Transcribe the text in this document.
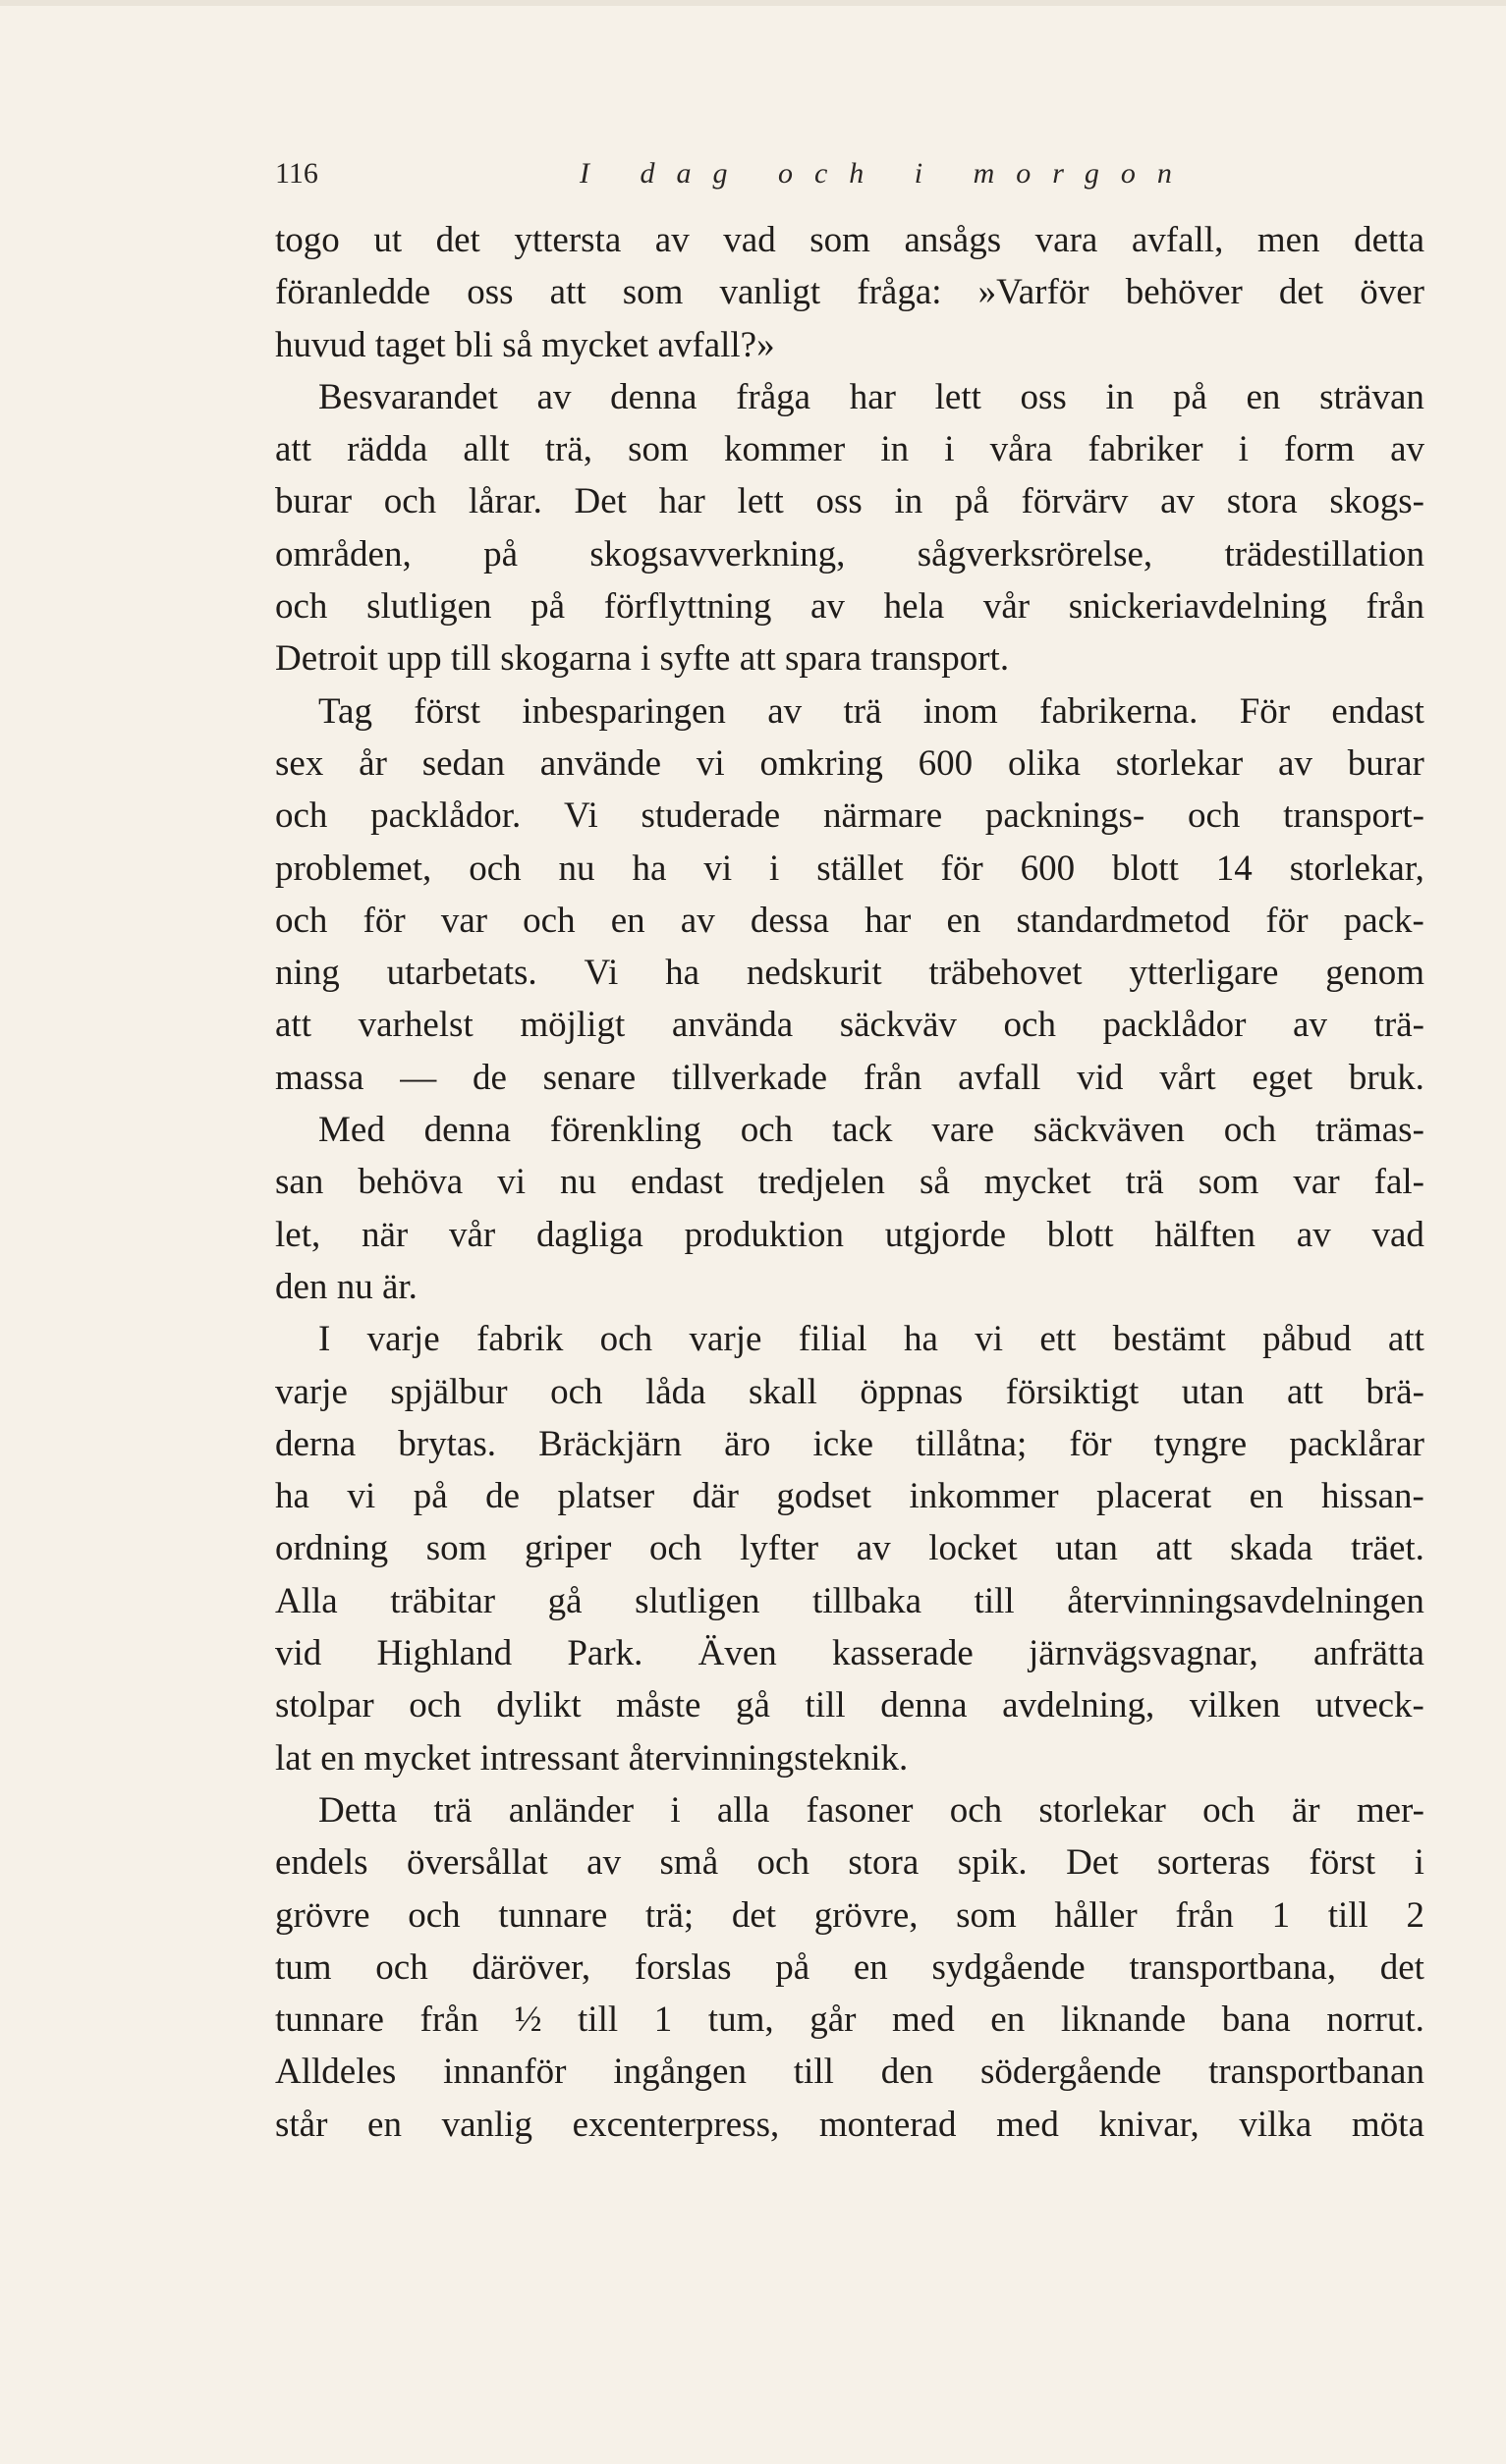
116	I dag och i morgon
togo ut det yttersta av vad som ansågs vara avfall, men detta
föranledde oss att som vanligt fråga: »Varför behöver det över
huvud taget bli så mycket avfall?»
Besvarandet av denna fråga har lett oss in på en strävan
att rädda allt trä, som kommer in i våra fabriker i form av
burar och lårar. Det har lett oss in på förvärv av stora skogs-
områden, på skogsavverkning, sågverksrörelse, trädestillation
och slutligen på förflyttning av hela vår snickeriavdelning från
Detroit upp till skogarna i syfte att spara transport.
Tag först inbesparingen av trä inom fabrikerna. För endast
sex år sedan använde vi omkring 600 olika storlekar av burar
och packlådor. Vi studerade närmare packnings- och transport-
problemet, och nu ha vi i stället för 600 blott 14 storlekar,
och för var och en av dessa har en standardmetod för pack-
ning utarbetats. Vi ha nedskurit träbehovet ytterligare genom
att varhelst möjligt använda säckväv och packlådor av trä-
massa — de senare tillverkade från avfall vid vårt eget bruk.
Med denna förenkling och tack vare säckväven och trämas-
san behöva vi nu endast tredjelen så mycket trä som var fal-
let, när vår dagliga produktion utgjorde blott hälften av vad
den nu är.
I varje fabrik och varje filial ha vi ett bestämt påbud att
varje spjälbur och låda skall öppnas försiktigt utan att brä-
derna brytas. Bräckjärn äro icke tillåtna; för tyngre packlårar
ha vi på de platser där godset inkommer placerat en hissan-
ordning som griper och lyfter av locket utan att skada träet.
Alla träbitar gå slutligen tillbaka till återvinningsavdelningen
vid Highland Park. Även kasserade järnvägsvagnar, anfrätta
stolpar och dylikt måste gå till denna avdelning, vilken utveck-
lat en mycket intressant återvinningsteknik.
Detta trä anländer i alla fasoner och storlekar och är mer-
endels översållat av små och stora spik. Det sorteras först i
grövre och tunnare trä; det grövre, som håller från 1 till 2
tum och däröver, forslas på en sydgående transportbana, det
tunnare från ½ till 1 tum, går med en liknande bana norrut.
Alldeles innanför ingången till den södergående transportbanan
står en vanlig excenterpress, monterad med knivar, vilka möta
